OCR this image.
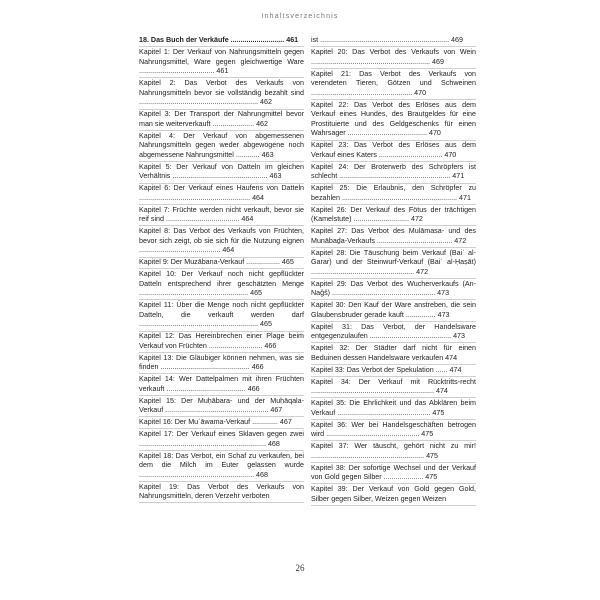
Inhaltsverzeichnis
18. Das Buch der Verkäufe ........................... 461
Kapitel 1: Der Verkauf von Nahrungsmitteln gegen Nahrungsmittel, Ware gegen gleichwertige Ware ...................................... 461
Kapitel 2: Das Verbot des Verkaufs von Nahrungsmitteln bevor sie vollständig bezahlt sind ............................................................ 462
Kapitel 3: Der Transport der Nahrungmittel bevor man sie weiterverkauft ..................... 462
Kapitel 4: Der Verkauf von abgemessenen Nahrungsmitteln gegen weder abgewogene noch abgemessene Nahrungsmittel ............ 463
Kapitel 5: Der Verkauf von Datteln im gleichen Verhältnis ................................................ 463
Kapitel 6: Der Verkauf eines Haufens von Datteln ........................................................ 464
Kapitel 7: Früchte werden nicht verkauft, bevor sie reif sind ..................................... 464
Kapitel 8: Das Verbot des Verkaufs von Früchten, bevor sich zeigt, ob sie sich für die Nutzung eignen ......................................... 464
Kapitel 9: Der Muzābana-Verkauf ................. 465
Kapitel 10: Der Verkauf noch nicht gepflückter Datteln entsprechend ihrer geschätzten Menge ....................................................... 465
Kapitel 11: Über die Menge noch nicht gepflückter Datteln, die verkauft werden darf ............................................................ 465
Kapitel 12: Das Hereinbrechen einer Plage beim Verkauf von Früchten ........................... 466
Kapitel 13: Die Gläubiger können nehmen, was sie finden ............................................. 466
Kapitel 14: Wer Dattelpalmen mit ihren Früchten verkauft ........................................ 466
Kapitel 15: Der Muḥābara- und der Muḥāqala-Verkauf .................................................... 467
Kapitel 16: Der Muʿāwama-Verkauf ............. 467
Kapitel 17: Der Verkauf eines Sklaven gegen zwei ................................................................ 468
Kapitel 18: Das Verbot, ein Schaf zu verkaufen, bei dem die Milch im Euter gelassen wurde .......................................................... 468
Kapitel 19: Das Verbot des Verkaufs von Nahrungsmitteln, deren Verzehr verboten
ist ................................................................. 469
Kapitel 20: Das Verbot des Verkaufs von Wein ............................................................ 469
Kapitel 21: Das Verbot des Verkaufs von verendeten Tieren, Götzen und Schweinen ................................................... 470
Kapitel 22: Das Verbot des Erlöses aus dem Verkauf eines Hundes, des Brautgeldes für eine Prostituierte und des Geldgeschenks für einen Wahrsager ........................................ 470
Kapitel 23: Das Verbot des Erlöses aus dem Verkauf eines Katers ................................ 470
Kapitel 24: Der Broterwerb des Schröpfers ist schlecht ........................................................ 471
Kapitel 25: Die Erlaubnis, den Schröpfer zu bezahlen .......................................................... 471
Kapitel 26: Der Verkauf des Fötus der trächtigen (Kamelstute) ............................ 472
Kapitel 27: Das Verbot des Mulāmasa- und des Munābaḏa-Verkaufs ...................................... 472
Kapitel 28: Die Täuschung beim Verkauf (Baiʿ al-Ġarar) und der Steinwurf-Verkauf (Baiʿ al-Ḥaṣāt) .................................................... 472
Kapitel 29: Das Verbot des Wucherverkaufs (An-Naǧš) .................................................... 473
Kapitel 30: Den Kauf der Ware anstreben, die sein Glaubensbruder gerade kauft ............... 473
Kapitel 31: Das Verbot, der Handelsware entgegenzulaufen ......................................... 473
Kapitel 32: Der Städter darf nicht für einen Beduinen dessen Handelsware verkaufen 474
Kapitel 33: Das Verbot der Spekulation ...... 474
Kapitel 34: Der Verkauf mit Rücktritts-recht .............................................................. 474
Kapitel 35: Die Ehrlichkeit und das Abklären beim Verkauf ............................................... 475
Kapitel 36: Wer bei Handelsgeschäften betrogen wird ............................................... 475
Kapitel 37: Wer täuscht, gehört nicht zu mir! ......................................................... 475
Kapitel 38: Der sofortige Wechsel und der Verkauf von Gold gegen Silber .................... 475
Kapitel 39: Der Verkauf von Gold gegen Gold, Silber gegen Silber, Weizen gegen Weizen
26
